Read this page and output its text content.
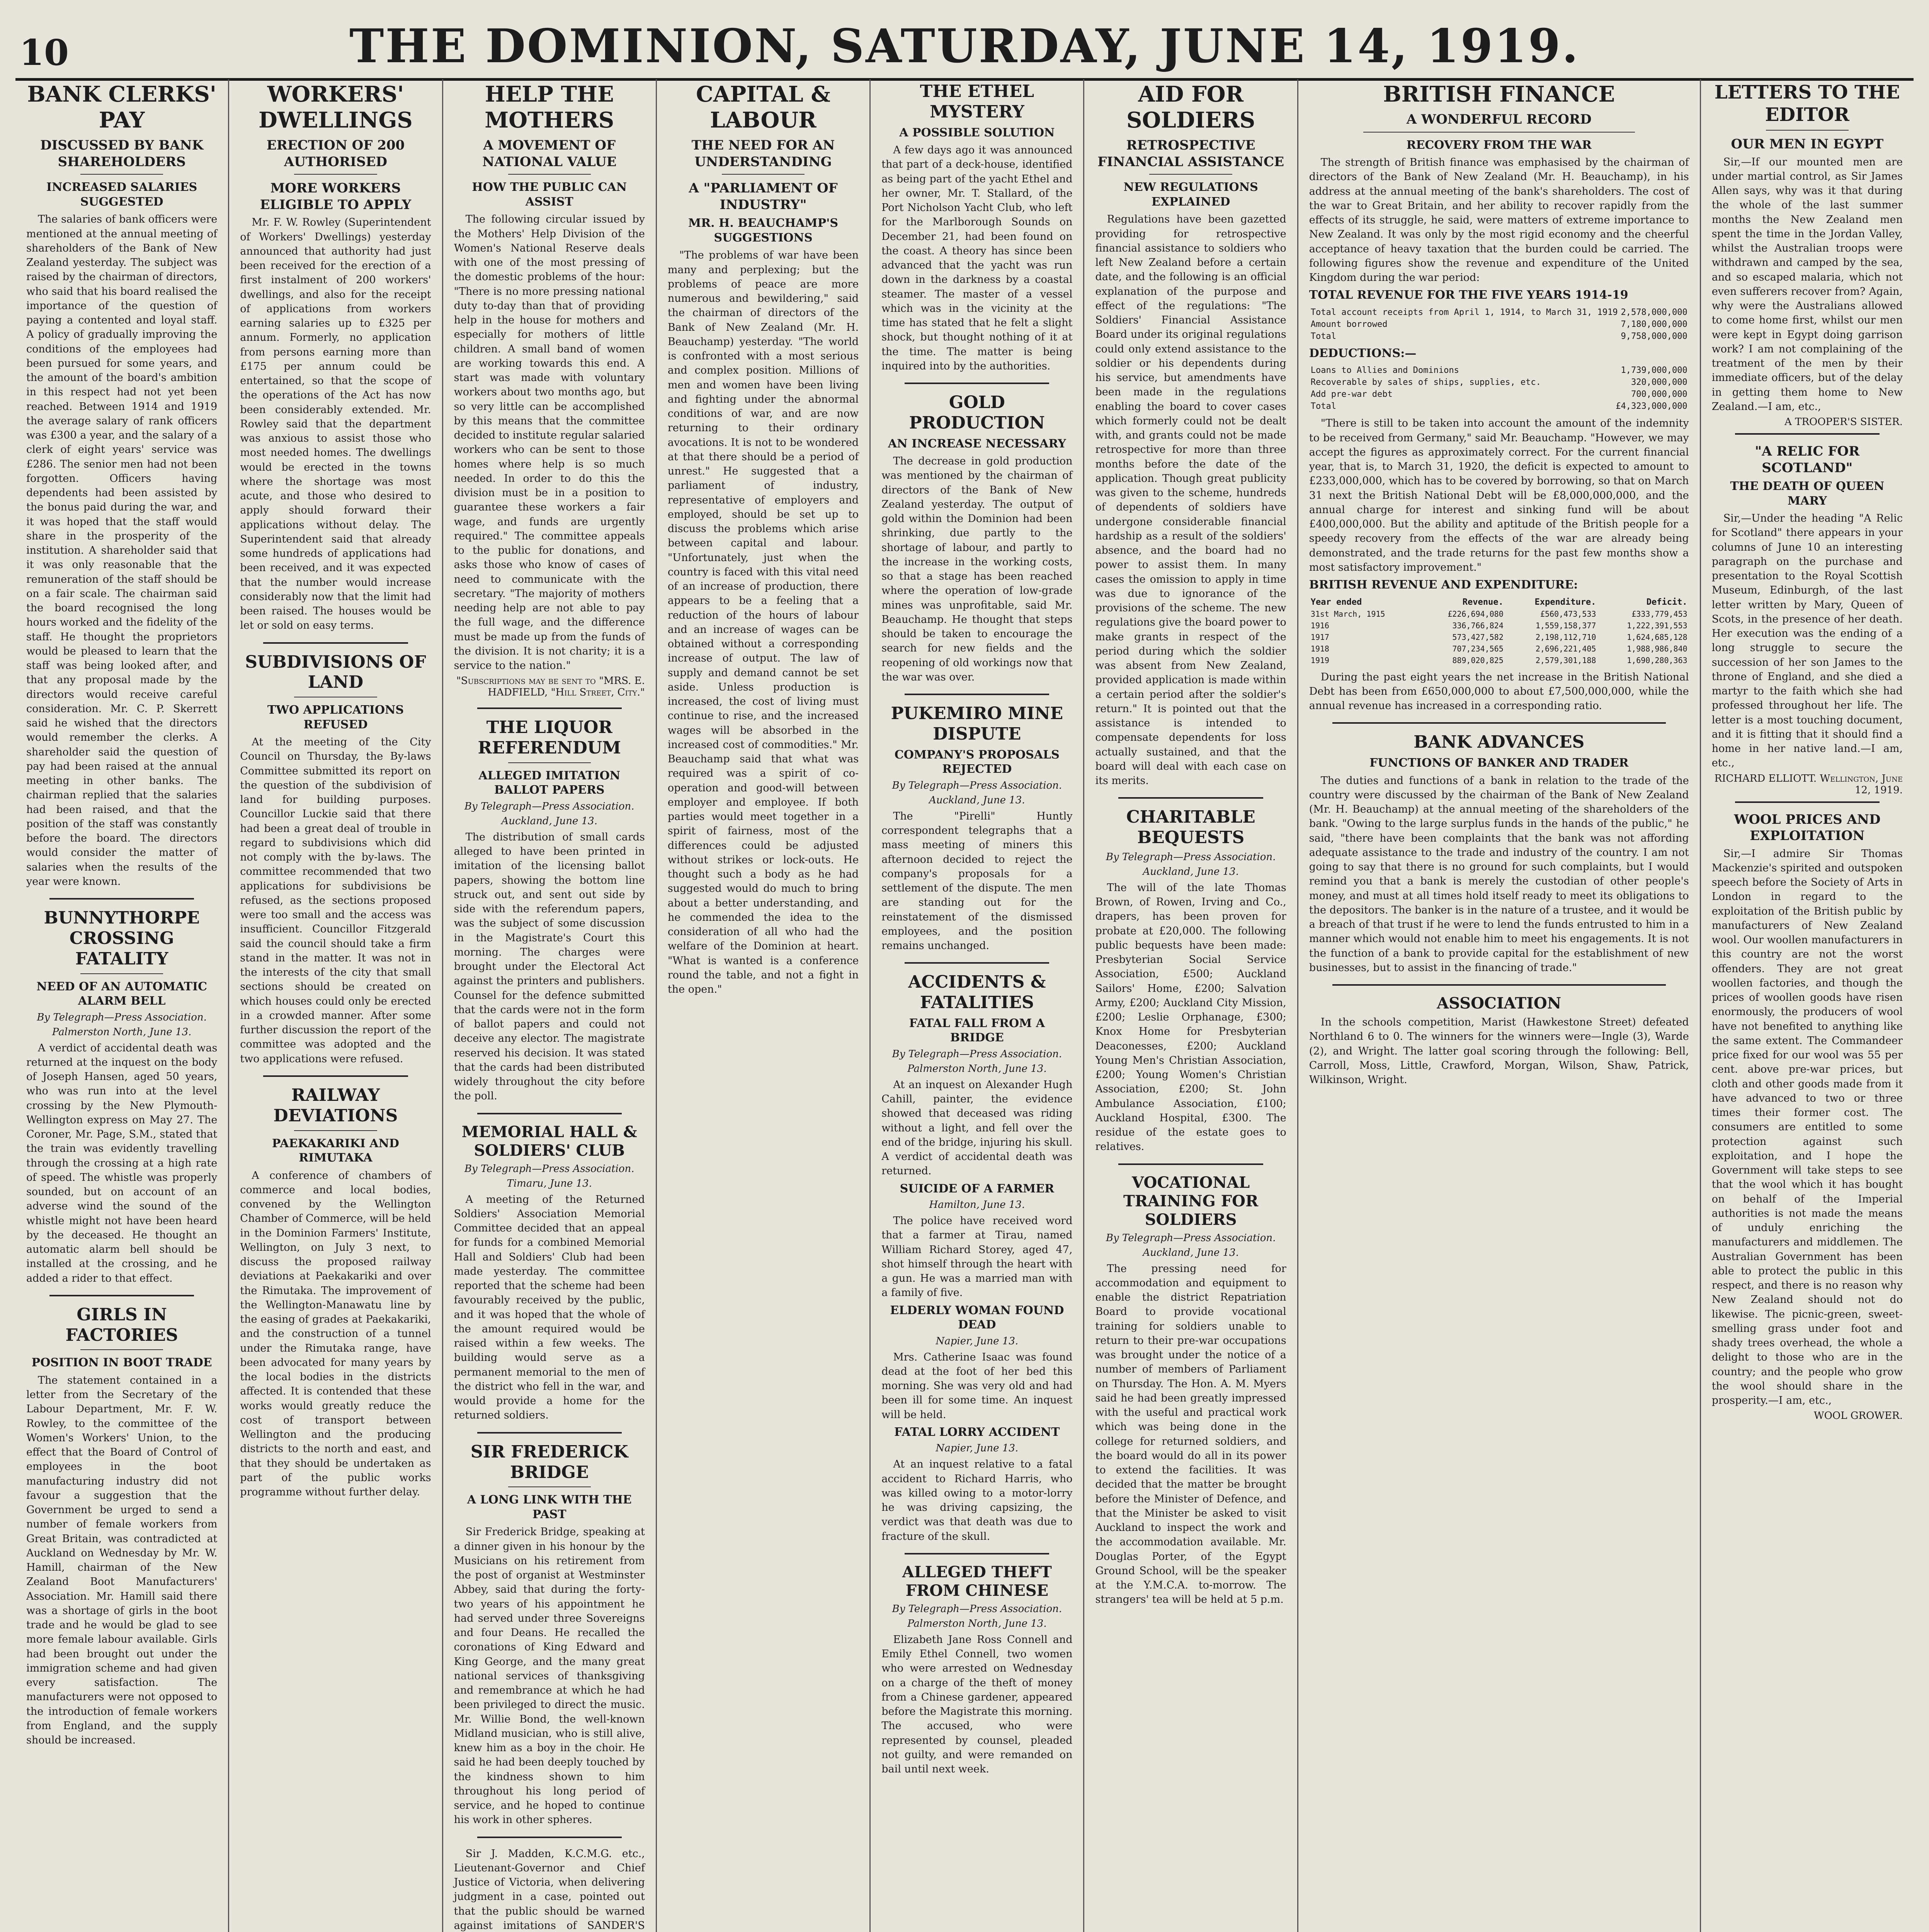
10	THE DOMINION, SATURDAY, JUNE 14, 1919.
BANK CLERKS' PAY
DISCUSSED BY BANK SHAREHOLDERS
INCREASED SALARIES SUGGESTED

The salaries of bank officers were mentioned at the annual meeting of shareholders of the Bank of New Zealand yesterday. The subject was raised by the chairman of directors, who said that his board realised the importance of the question of paying a contented and loyal staff. A policy of gradually improving the conditions of the employees had been pursued for some years, and the amount of the board's ambition in this respect had not yet been reached. Between 1914 and 1919 the average salary of rank officers was £300 a year, and the salary of a clerk of eight years' service was £286. The senior men had not been forgotten. Officers having dependents had been assisted by the bonus paid during the war, and it was hoped that the staff would share in the prosperity of the institution. A shareholder said that it was only reasonable that the remuneration of the staff should be on a fair scale. The chairman said the board recognised the long hours worked and the fidelity of the staff. He thought the proprietors would be pleased to learn that the staff was being looked after, and that any proposal made by the directors would receive careful consideration. Mr. C. P. Skerrett said he wished that the directors would remember the clerks. A shareholder said the question of pay had been raised at the annual meeting in other banks. The chairman replied that the salaries had been raised, and that the position of the staff was constantly before the board. The directors would consider the matter of salaries when the results of the year were known.

BUNNYTHORPE CROSSING FATALITY
NEED OF AN AUTOMATIC ALARM BELL
By Telegraph—Press Association.
Palmerston North, June 13.

A verdict of accidental death was returned at the inquest on the body of Joseph Hansen, aged 50 years, who was run into at the level crossing by the New Plymouth-Wellington express on May 27. The Coroner, Mr. Page, S.M., stated that the train was evidently travelling through the crossing at a high rate of speed. The whistle was properly sounded, but on account of an adverse wind the sound of the whistle might not have been heard by the deceased. He thought an automatic alarm bell should be installed at the crossing, and he added a rider to that effect.

GIRLS IN FACTORIES
POSITION IN BOOT TRADE

The statement contained in a letter from the Secretary of the Labour Department, Mr. F. W. Rowley, to the committee of the Women's Workers' Union, to the effect that the Board of Control of employees in the boot manufacturing industry did not favour a suggestion that the Government be urged to send a number of female workers from Great Britain, was contradicted at Auckland on Wednesday by Mr. W. Hamill, chairman of the New Zealand Boot Manufacturers' Association. Mr. Hamill said there was a shortage of girls in the boot trade and he would be glad to see more female labour available. Girls had been brought out under the immigration scheme and had given every satisfaction. The manufacturers were not opposed to the introduction of female workers from England, and the supply should be increased.

WORKERS' DWELLINGS
ERECTION OF 200 AUTHORISED
MORE WORKERS ELIGIBLE TO APPLY

Mr. F. W. Rowley (Superintendent of Workers' Dwellings) yesterday announced that authority had just been received for the erection of a first instalment of 200 workers' dwellings, and also for the receipt of applications from workers earning salaries up to £325 per annum. Formerly, no application from persons earning more than £175 per annum could be entertained, so that the scope of the operations of the Act has now been considerably extended. Mr. Rowley said that the department was anxious to assist those who most needed homes. The dwellings would be erected in the towns where the shortage was most acute, and those who desired to apply should forward their applications without delay. The Superintendent said that already some hundreds of applications had been received, and it was expected that the number would increase considerably now that the limit had been raised. The houses would be let or sold on easy terms.

SUBDIVISIONS OF LAND
TWO APPLICATIONS REFUSED

At the meeting of the City Council on Thursday, the By-laws Committee submitted its report on the question of the subdivision of land for building purposes. Councillor Luckie said that there had been a great deal of trouble in regard to subdivisions which did not comply with the by-laws. The committee recommended that two applications for subdivisions be refused, as the sections proposed were too small and the access was insufficient. Councillor Fitzgerald said the council should take a firm stand in the matter. It was not in the interests of the city that small sections should be created on which houses could only be erected in a crowded manner. After some further discussion the report of the committee was adopted and the two applications were refused.

RAILWAY DEVIATIONS
PAEKAKARIKI AND RIMUTAKA

A conference of chambers of commerce and local bodies, convened by the Wellington Chamber of Commerce, will be held in the Dominion Farmers' Institute, Wellington, on July 3 next, to discuss the proposed railway deviations at Paekakariki and over the Rimutaka. The improvement of the Wellington-Manawatu line by the easing of grades at Paekakariki, and the construction of a tunnel under the Rimutaka range, have been advocated for many years by the local bodies in the districts affected. It is contended that these works would greatly reduce the cost of transport between Wellington and the producing districts to the north and east, and that they should be undertaken as part of the public works programme without further delay.

HELP THE MOTHERS
A MOVEMENT OF NATIONAL VALUE
HOW THE PUBLIC CAN ASSIST

The following circular issued by the Mothers' Help Division of the Women's National Reserve deals with one of the most pressing of the domestic problems of the hour: "There is no more pressing national duty to-day than that of providing help in the house for mothers and especially for mothers of little children. A small band of women are working towards this end. A start was made with voluntary workers about two months ago, but so very little can be accomplished by this means that the committee decided to institute regular salaried workers who can be sent to those homes where help is so much needed. In order to do this the division must be in a position to guarantee these workers a fair wage, and funds are urgently required." The committee appeals to the public for donations, and asks those who know of cases of need to communicate with the secretary. "The majority of mothers needing help are not able to pay the full wage, and the difference must be made up from the funds of the division. It is not charity; it is a service to the nation."

"Subscriptions may be sent to "MRS. E. HADFIELD, "Hill Street, City."
THE LIQUOR REFERENDUM
ALLEGED IMITATION BALLOT PAPERS
By Telegraph—Press Association.
Auckland, June 13.

The distribution of small cards alleged to have been printed in imitation of the licensing ballot papers, showing the bottom line struck out, and sent out side by side with the referendum papers, was the subject of some discussion in the Magistrate's Court this morning. The charges were brought under the Electoral Act against the printers and publishers. Counsel for the defence submitted that the cards were not in the form of ballot papers and could not deceive any elector. The magistrate reserved his decision. It was stated that the cards had been distributed widely throughout the city before the poll.

MEMORIAL HALL & SOLDIERS' CLUB
By Telegraph—Press Association.
Timaru, June 13.

A meeting of the Returned Soldiers' Association Memorial Committee decided that an appeal for funds for a combined Memorial Hall and Soldiers' Club had been made yesterday. The committee reported that the scheme had been favourably received by the public, and it was hoped that the whole of the amount required would be raised within a few weeks. The building would serve as a permanent memorial to the men of the district who fell in the war, and would provide a home for the returned soldiers.

SIR FREDERICK BRIDGE
A LONG LINK WITH THE PAST

Sir Frederick Bridge, speaking at a dinner given in his honour by the Musicians on his retirement from the post of organist at Westminster Abbey, said that during the forty-two years of his appointment he had served under three Sovereigns and four Deans. He recalled the coronations of King Edward and King George, and the many great national services of thanksgiving and remembrance at which he had been privileged to direct the music. Mr. Willie Bond, the well-known Midland musician, who is still alive, knew him as a boy in the choir. He said he had been deeply touched by the kindness shown to him throughout his long period of service, and he hoped to continue his work in other spheres.

Sir J. Madden, K.C.M.G. etc., Lieutenant-Governor and Chief Justice of Victoria, when delivering judgment in a case, pointed out that the public should be warned against imitations of SANDER'S

CAPITAL & LABOUR
THE NEED FOR AN UNDERSTANDING
A "PARLIAMENT OF INDUSTRY"
MR. H. BEAUCHAMP'S SUGGESTIONS

"The problems of war have been many and perplexing; but the problems of peace are more numerous and bewildering," said the chairman of directors of the Bank of New Zealand (Mr. H. Beauchamp) yesterday. "The world is confronted with a most serious and complex position. Millions of men and women have been living and fighting under the abnormal conditions of war, and are now returning to their ordinary avocations. It is not to be wondered at that there should be a period of unrest." He suggested that a parliament of industry, representative of employers and employed, should be set up to discuss the problems which arise between capital and labour. "Unfortunately, just when the country is faced with this vital need of an increase of production, there appears to be a feeling that a reduction of the hours of labour and an increase of wages can be obtained without a corresponding increase of output. The law of supply and demand cannot be set aside. Unless production is increased, the cost of living must continue to rise, and the increased wages will be absorbed in the increased cost of commodities." Mr. Beauchamp said that what was required was a spirit of co-operation and good-will between employer and employee. If both parties would meet together in a spirit of fairness, most of the differences could be adjusted without strikes or lock-outs. He thought such a body as he had suggested would do much to bring about a better understanding, and he commended the idea to the consideration of all who had the welfare of the Dominion at heart. "What is wanted is a conference round the table, and not a fight in the open."

THE ETHEL MYSTERY
A POSSIBLE SOLUTION

A few days ago it was announced that part of a deck-house, identified as being part of the yacht Ethel and her owner, Mr. T. Stallard, of the Port Nicholson Yacht Club, who left for the Marlborough Sounds on December 21, had been found on the coast. A theory has since been advanced that the yacht was run down in the darkness by a coastal steamer. The master of a vessel which was in the vicinity at the time has stated that he felt a slight shock, but thought nothing of it at the time. The matter is being inquired into by the authorities.

GOLD PRODUCTION
AN INCREASE NECESSARY

The decrease in gold production was mentioned by the chairman of directors of the Bank of New Zealand yesterday. The output of gold within the Dominion had been shrinking, due partly to the shortage of labour, and partly to the increase in the working costs, so that a stage has been reached where the operation of low-grade mines was unprofitable, said Mr. Beauchamp. He thought that steps should be taken to encourage the search for new fields and the reopening of old workings now that the war was over.

PUKEMIRO MINE DISPUTE
COMPANY'S PROPOSALS REJECTED
By Telegraph—Press Association.
Auckland, June 13.

The "Pirelli" Huntly correspondent telegraphs that a mass meeting of miners this afternoon decided to reject the company's proposals for a settlement of the dispute. The men are standing out for the reinstatement of the dismissed employees, and the position remains unchanged.

ACCIDENTS & FATALITIES
FATAL FALL FROM A BRIDGE
By Telegraph—Press Association.
Palmerston North, June 13.

At an inquest on Alexander Hugh Cahill, painter, the evidence showed that deceased was riding without a light, and fell over the end of the bridge, injuring his skull. A verdict of accidental death was returned.

SUICIDE OF A FARMER
Hamilton, June 13.

The police have received word that a farmer at Tirau, named William Richard Storey, aged 47, shot himself through the heart with a gun. He was a married man with a family of five.

ELDERLY WOMAN FOUND DEAD
Napier, June 13.

Mrs. Catherine Isaac was found dead at the foot of her bed this morning. She was very old and had been ill for some time. An inquest will be held.

FATAL LORRY ACCIDENT
Napier, June 13.

At an inquest relative to a fatal accident to Richard Harris, who was killed owing to a motor-lorry he was driving capsizing, the verdict was that death was due to fracture of the skull.

ALLEGED THEFT FROM CHINESE
By Telegraph—Press Association.
Palmerston North, June 13.

Elizabeth Jane Ross Connell and Emily Ethel Connell, two women who were arrested on Wednesday on a charge of the theft of money from a Chinese gardener, appeared before the Magistrate this morning. The accused, who were represented by counsel, pleaded not guilty, and were remanded on bail until next week.

AID FOR SOLDIERS
RETROSPECTIVE FINANCIAL ASSISTANCE
NEW REGULATIONS EXPLAINED

Regulations have been gazetted providing for retrospective financial assistance to soldiers who left New Zealand before a certain date, and the following is an official explanation of the purpose and effect of the regulations: "The Soldiers' Financial Assistance Board under its original regulations could only extend assistance to the soldier or his dependents during his service, but amendments have been made in the regulations enabling the board to cover cases which formerly could not be dealt with, and grants could not be made retrospective for more than three months before the date of the application. Though great publicity was given to the scheme, hundreds of dependents of soldiers have undergone considerable financial hardship as a result of the soldiers' absence, and the board had no power to assist them. In many cases the omission to apply in time was due to ignorance of the provisions of the scheme. The new regulations give the board power to make grants in respect of the period during which the soldier was absent from New Zealand, provided application is made within a certain period after the soldier's return." It is pointed out that the assistance is intended to compensate dependents for loss actually sustained, and that the board will deal with each case on its merits.

CHARITABLE BEQUESTS
By Telegraph—Press Association.
Auckland, June 13.

The will of the late Thomas Brown, of Rowen, Irving and Co., drapers, has been proven for probate at £20,000. The following public bequests have been made: Presbyterian Social Service Association, £500; Auckland Sailors' Home, £200; Salvation Army, £200; Auckland City Mission, £200; Leslie Orphanage, £300; Knox Home for Presbyterian Deaconesses, £200; Auckland Young Men's Christian Association, £200; Young Women's Christian Association, £200; St. John Ambulance Association, £100; Auckland Hospital, £300. The residue of the estate goes to relatives.

VOCATIONAL TRAINING FOR SOLDIERS
By Telegraph—Press Association.
Auckland, June 13.

The pressing need for accommodation and equipment to enable the district Repatriation Board to provide vocational training for soldiers unable to return to their pre-war occupations was brought under the notice of a number of members of Parliament on Thursday. The Hon. A. M. Myers said he had been greatly impressed with the useful and practical work which was being done in the college for returned soldiers, and the board would do all in its power to extend the facilities. It was decided that the matter be brought before the Minister of Defence, and that the Minister be asked to visit Auckland to inspect the work and the accommodation available. Mr. Douglas Porter, of the Egypt Ground School, will be the speaker at the Y.M.C.A. to-morrow. The strangers' tea will be held at 5 p.m.

BRITISH FINANCE
A WONDERFUL RECORD
RECOVERY FROM THE WAR

The strength of British finance was emphasised by the chairman of directors of the Bank of New Zealand (Mr. H. Beauchamp), in his address at the annual meeting of the bank's shareholders. The cost of the war to Great Britain, and her ability to recover rapidly from the effects of its struggle, he said, were matters of extreme importance to New Zealand. It was only by the most rigid economy and the cheerful acceptance of heavy taxation that the burden could be carried. The following figures show the revenue and expenditure of the United Kingdom during the war period:

TOTAL REVENUE FOR THE FIVE YEARS 1914-19
Total account receipts from April 1, 1914, to March 31, 1919	2,578,000,000
Amount borrowed	7,180,000,000
Total	9,758,000,000
DEDUCTIONS:—
Loans to Allies and Dominions	1,739,000,000
Recoverable by sales of ships, supplies, etc.	320,000,000
Add pre-war debt	700,000,000
Total	£4,323,000,000

"There is still to be taken into account the amount of the indemnity to be received from Germany," said Mr. Beauchamp. "However, we may accept the figures as approximately correct. For the current financial year, that is, to March 31, 1920, the deficit is expected to amount to £233,000,000, which has to be covered by borrowing, so that on March 31 next the British National Debt will be £8,000,000,000, and the annual charge for interest and sinking fund will be about £400,000,000. But the ability and aptitude of the British people for a speedy recovery from the effects of the war are already being demonstrated, and the trade returns for the past few months show a most satisfactory improvement."

BRITISH REVENUE AND EXPENDITURE:
Year ended	Revenue.	Expenditure.	Deficit.
31st March, 1915	£226,694,080	£560,473,533	£333,779,453
1916	336,766,824	1,559,158,377	1,222,391,553
1917	573,427,582	2,198,112,710	1,624,685,128
1918	707,234,565	2,696,221,405	1,988,986,840
1919	889,020,825	2,579,301,188	1,690,280,363

During the past eight years the net increase in the British National Debt has been from £650,000,000 to about £7,500,000,000, while the annual revenue has increased in a corresponding ratio.

BANK ADVANCES
FUNCTIONS OF BANKER AND TRADER

The duties and functions of a bank in relation to the trade of the country were discussed by the chairman of the Bank of New Zealand (Mr. H. Beauchamp) at the annual meeting of the shareholders of the bank. "Owing to the large surplus funds in the hands of the public," he said, "there have been complaints that the bank was not affording adequate assistance to the trade and industry of the country. I am not going to say that there is no ground for such complaints, but I would remind you that a bank is merely the custodian of other people's money, and must at all times hold itself ready to meet its obligations to the depositors. The banker is in the nature of a trustee, and it would be a breach of that trust if he were to lend the funds entrusted to him in a manner which would not enable him to meet his engagements. It is not the function of a bank to provide capital for the establishment of new businesses, but to assist in the financing of trade."

ASSOCIATION

In the schools competition, Marist (Hawkestone Street) defeated Northland 6 to 0. The winners for the winners were—Ingle (3), Warde (2), and Wright. The latter goal scoring through the following: Bell, Carroll, Moss, Little, Crawford, Morgan, Wilson, Shaw, Patrick, Wilkinson, Wright.

LETTERS TO THE EDITOR
OUR MEN IN EGYPT

Sir,—If our mounted men are under martial control, as Sir James Allen says, why was it that during the whole of the last summer months the New Zealand men spent the time in the Jordan Valley, whilst the Australian troops were withdrawn and camped by the sea, and so escaped malaria, which not even sufferers recover from? Again, why were the Australians allowed to come home first, whilst our men were kept in Egypt doing garrison work? I am not complaining of the treatment of the men by their immediate officers, but of the delay in getting them home to New Zealand.—I am, etc.,

A TROOPER'S SISTER.
"A RELIC FOR SCOTLAND"
THE DEATH OF QUEEN MARY

Sir,—Under the heading "A Relic for Scotland" there appears in your columns of June 10 an interesting paragraph on the purchase and presentation to the Royal Scottish Museum, Edinburgh, of the last letter written by Mary, Queen of Scots, in the presence of her death. Her execution was the ending of a long struggle to secure the succession of her son James to the throne of England, and she died a martyr to the faith which she had professed throughout her life. The letter is a most touching document, and it is fitting that it should find a home in her native land.—I am, etc.,

RICHARD ELLIOTT. Wellington, June 12, 1919.
WOOL PRICES AND EXPLOITATION

Sir,—I admire Sir Thomas Mackenzie's spirited and outspoken speech before the Society of Arts in London in regard to the exploitation of the British public by manufacturers of New Zealand wool. Our woollen manufacturers in this country are not the worst offenders. They are not great woollen factories, and though the prices of woollen goods have risen enormously, the producers of wool have not benefited to anything like the same extent. The Commandeer price fixed for our wool was 55 per cent. above pre-war prices, but cloth and other goods made from it have advanced to two or three times their former cost. The consumers are entitled to some protection against such exploitation, and I hope the Government will take steps to see that the wool which it has bought on behalf of the Imperial authorities is not made the means of unduly enriching the manufacturers and middlemen. The Australian Government has been able to protect the public in this respect, and there is no reason why New Zealand should not do likewise. The picnic-green, sweet-smelling grass under foot and shady trees overhead, the whole a delight to those who are in the country; and the people who grow the wool should share in the prosperity.—I am, etc.,

WOOL GROWER.
